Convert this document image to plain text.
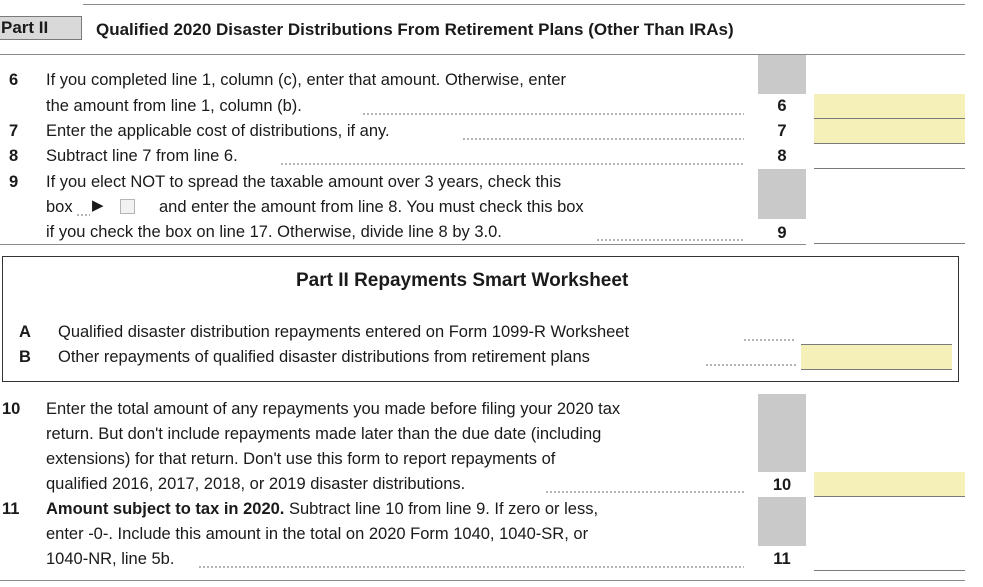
Part II	Qualified 2020 Disaster Distributions From Retirement Plans (Other Than IRAs)
6 If you completed line 1, column (c), enter that amount. Otherwise, enter
the amount from line 1, column (b).	6
7 Enter the applicable cost of distributions, if any.	7
8 Subtract line 7 from line 6.	8
9 If you elect NOT to spread the taxable amount over 3 years, check this
box ▶	and enter the amount from line 8. You must check this box
if you check the box on line 17. Otherwise, divide line 8 by 3.0.	9
Part II Repayments Smart Worksheet
A Qualified disaster distribution repayments entered on Form 1099-R Worksheet
B Other repayments of qualified disaster distributions from retirement plans
10 Enter the total amount of any repayments you made before filing your 2020 tax
return. But don't include repayments made later than the due date (including
extensions) for that return. Don't use this form to report repayments of
qualified 2016, 2017, 2018, or 2019 disaster distributions.	10
11 Amount subject to tax in 2020. Subtract line 10 from line 9. If zero or less,
enter -0-. Include this amount in the total on 2020 Form 1040, 1040-SR, or
1040-NR, line 5b.	11
